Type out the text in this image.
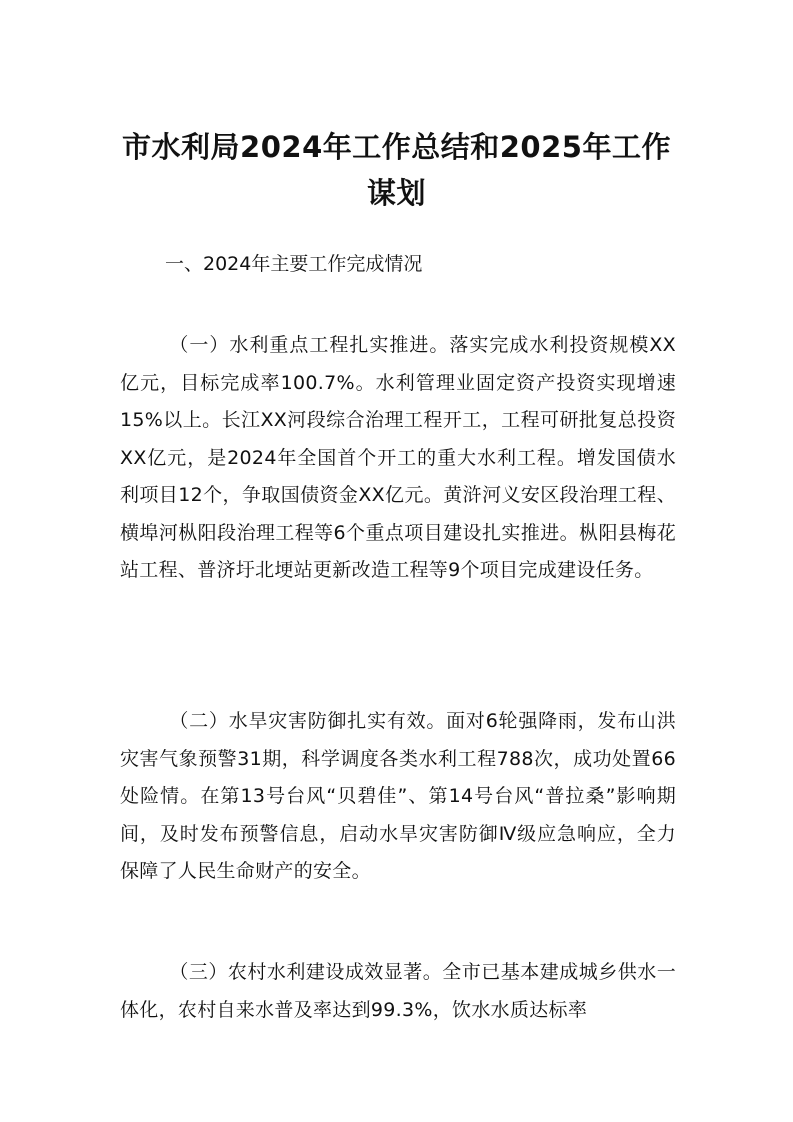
市水利局2024年工作总结和2025年工作谋划
一、2024年主要工作完成情况
（一）水利重点工程扎实推进。落实完成水利投资规模XX亿元，目标完成率100.7%。水利管理业固定资产投资实现增速15%以上。长江XX河段综合治理工程开工，工程可研批复总投资XX亿元，是2024年全国首个开工的重大水利工程。增发国债水利项目12个，争取国债资金XX亿元。黄浒河义安区段治理工程、横埠河枞阳段治理工程等6个重点项目建设扎实推进。枞阳县梅花站工程、普济圩北埂站更新改造工程等9个项目完成建设任务。
（二）水旱灾害防御扎实有效。面对6轮强降雨，发布山洪灾害气象预警31期，科学调度各类水利工程788次，成功处置66处险情。在第13号台风“贝碧佳”、第14号台风“普拉桑”影响期间，及时发布预警信息，启动水旱灾害防御Ⅳ级应急响应，全力保障了人民生命财产的安全。
（三）农村水利建设成效显著。全市已基本建成城乡供水一体化，农村自来水普及率达到99.3%，饮水水质达标率
